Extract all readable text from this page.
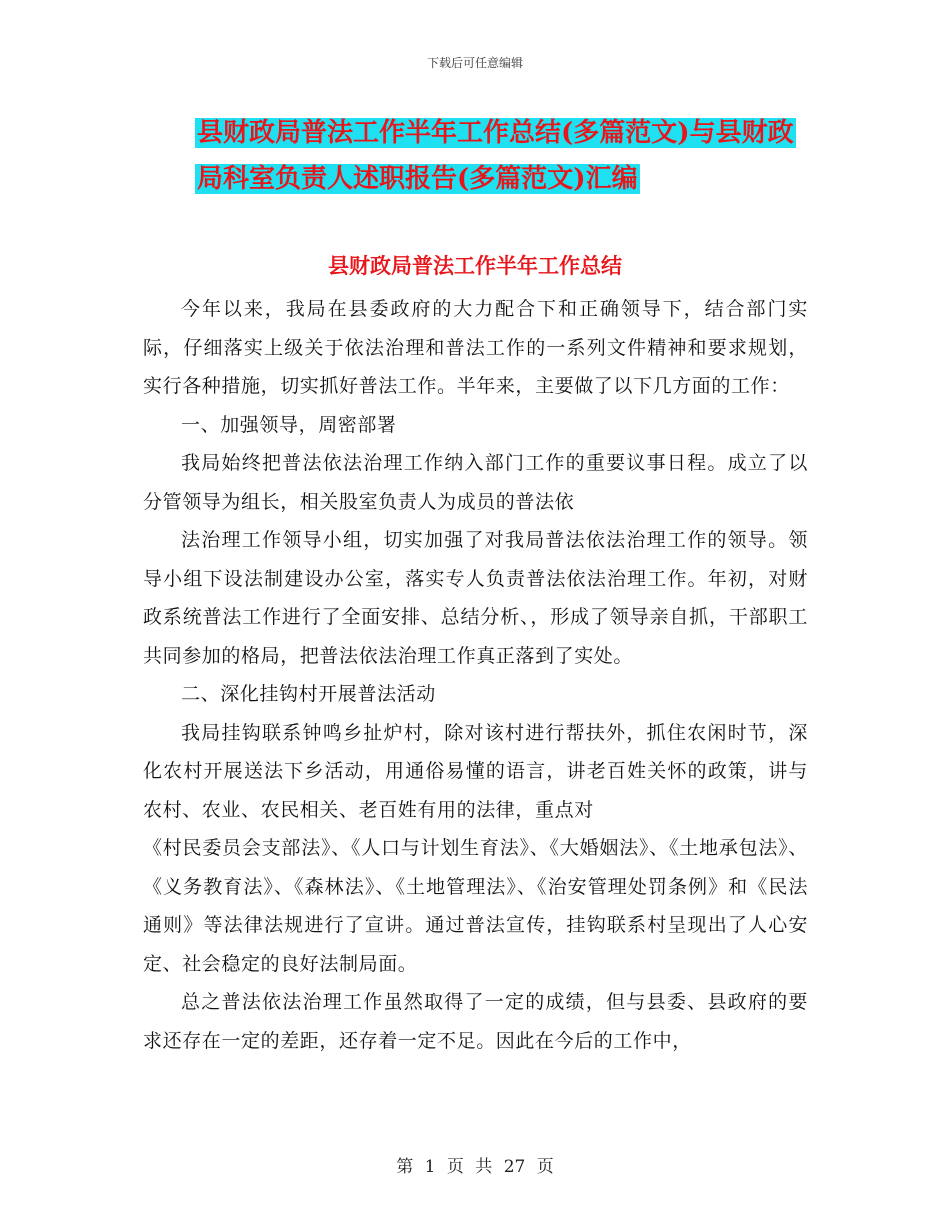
下载后可任意编辑
县财政局普法工作半年工作总结(多篇范文)与县财政
局科室负责人述职报告(多篇范文)汇编
县财政局普法工作半年工作总结

今年以来，我局在县委政府的大力配合下和正确领导下，结合部门实际，仔细落实上级关于依法治理和普法工作的一系列文件精神和要求规划，实行各种措施，切实抓好普法工作。半年来，主要做了以下几方面的工作：

一、加强领导，周密部署

我局始终把普法依法治理工作纳入部门工作的重要议事日程。成立了以分管领导为组长，相关股室负责人为成员的普法依

法治理工作领导小组，切实加强了对我局普法依法治理工作的领导。领导小组下设法制建设办公室，落实专人负责普法依法治理工作。年初，对财政系统普法工作进行了全面安排、总结分析、，形成了领导亲自抓，干部职工共同参加的格局，把普法依法治理工作真正落到了实处。

二、深化挂钩村开展普法活动

我局挂钩联系钟鸣乡扯炉村，除对该村进行帮扶外，抓住农闲时节，深化农村开展送法下乡活动，用通俗易懂的语言，讲老百姓关怀的政策，讲与农村、农业、农民相关、老百姓有用的法律，重点对

《村民委员会支部法》、《人口与计划生育法》、《大婚姻法》、《土地承包法》、《义务教育法》、《森林法》、《土地管理法》、《治安管理处罚条例》和《民法通则》等法律法规进行了宣讲。通过普法宣传，挂钩联系村呈现出了人心安定、社会稳定的良好法制局面。

总之普法依法治理工作虽然取得了一定的成绩，但与县委、县政府的要求还存在一定的差距，还存着一定不足。因此在今后的工作中，

第 1 页 共 27 页
